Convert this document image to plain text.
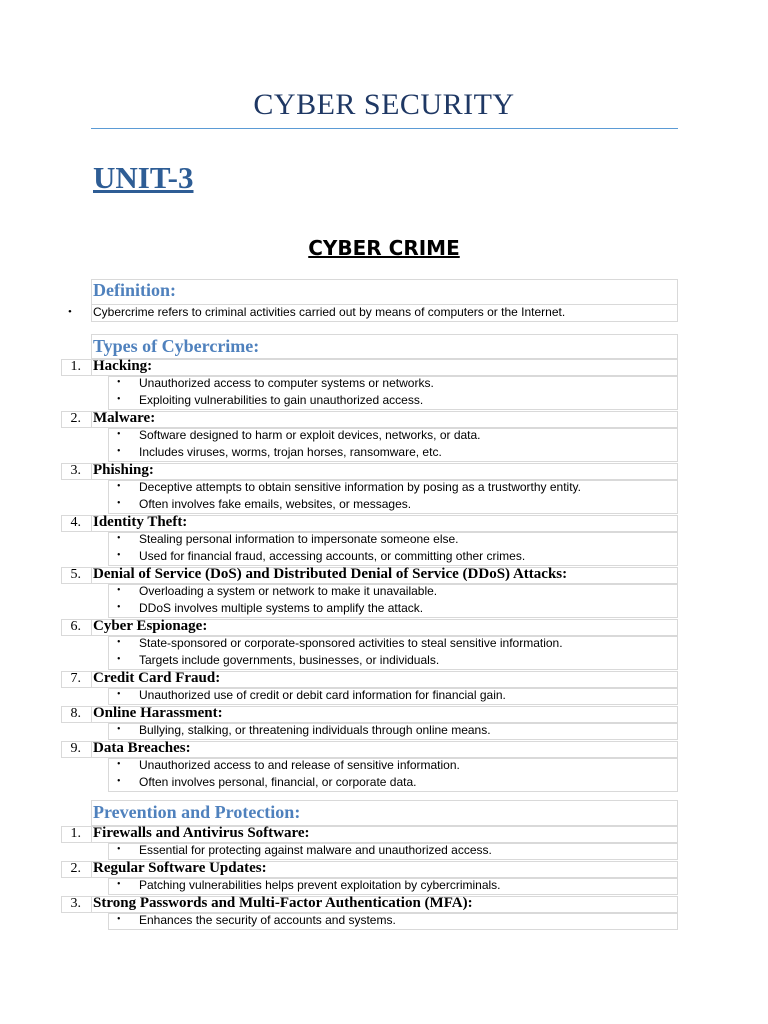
CYBER SECURITY
UNIT-3
CYBER CRIME
Definition:
• Cybercrime refers to criminal activities carried out by means of computers or the Internet.
Types of Cybercrime:
1. Hacking:
• Unauthorized access to computer systems or networks.
• Exploiting vulnerabilities to gain unauthorized access.
2. Malware:
• Software designed to harm or exploit devices, networks, or data.
• Includes viruses, worms, trojan horses, ransomware, etc.
3. Phishing:
• Deceptive attempts to obtain sensitive information by posing as a trustworthy entity.
• Often involves fake emails, websites, or messages.
4. Identity Theft:
• Stealing personal information to impersonate someone else.
• Used for financial fraud, accessing accounts, or committing other crimes.
5. Denial of Service (DoS) and Distributed Denial of Service (DDoS) Attacks:
• Overloading a system or network to make it unavailable.
• DDoS involves multiple systems to amplify the attack.
6. Cyber Espionage:
• State-sponsored or corporate-sponsored activities to steal sensitive information.
• Targets include governments, businesses, or individuals.
7. Credit Card Fraud:
• Unauthorized use of credit or debit card information for financial gain.
8. Online Harassment:
• Bullying, stalking, or threatening individuals through online means.
9. Data Breaches:
• Unauthorized access to and release of sensitive information.
• Often involves personal, financial, or corporate data.
Prevention and Protection:
1. Firewalls and Antivirus Software:
• Essential for protecting against malware and unauthorized access.
2. Regular Software Updates:
• Patching vulnerabilities helps prevent exploitation by cybercriminals.
3. Strong Passwords and Multi-Factor Authentication (MFA):
• Enhances the security of accounts and systems.
